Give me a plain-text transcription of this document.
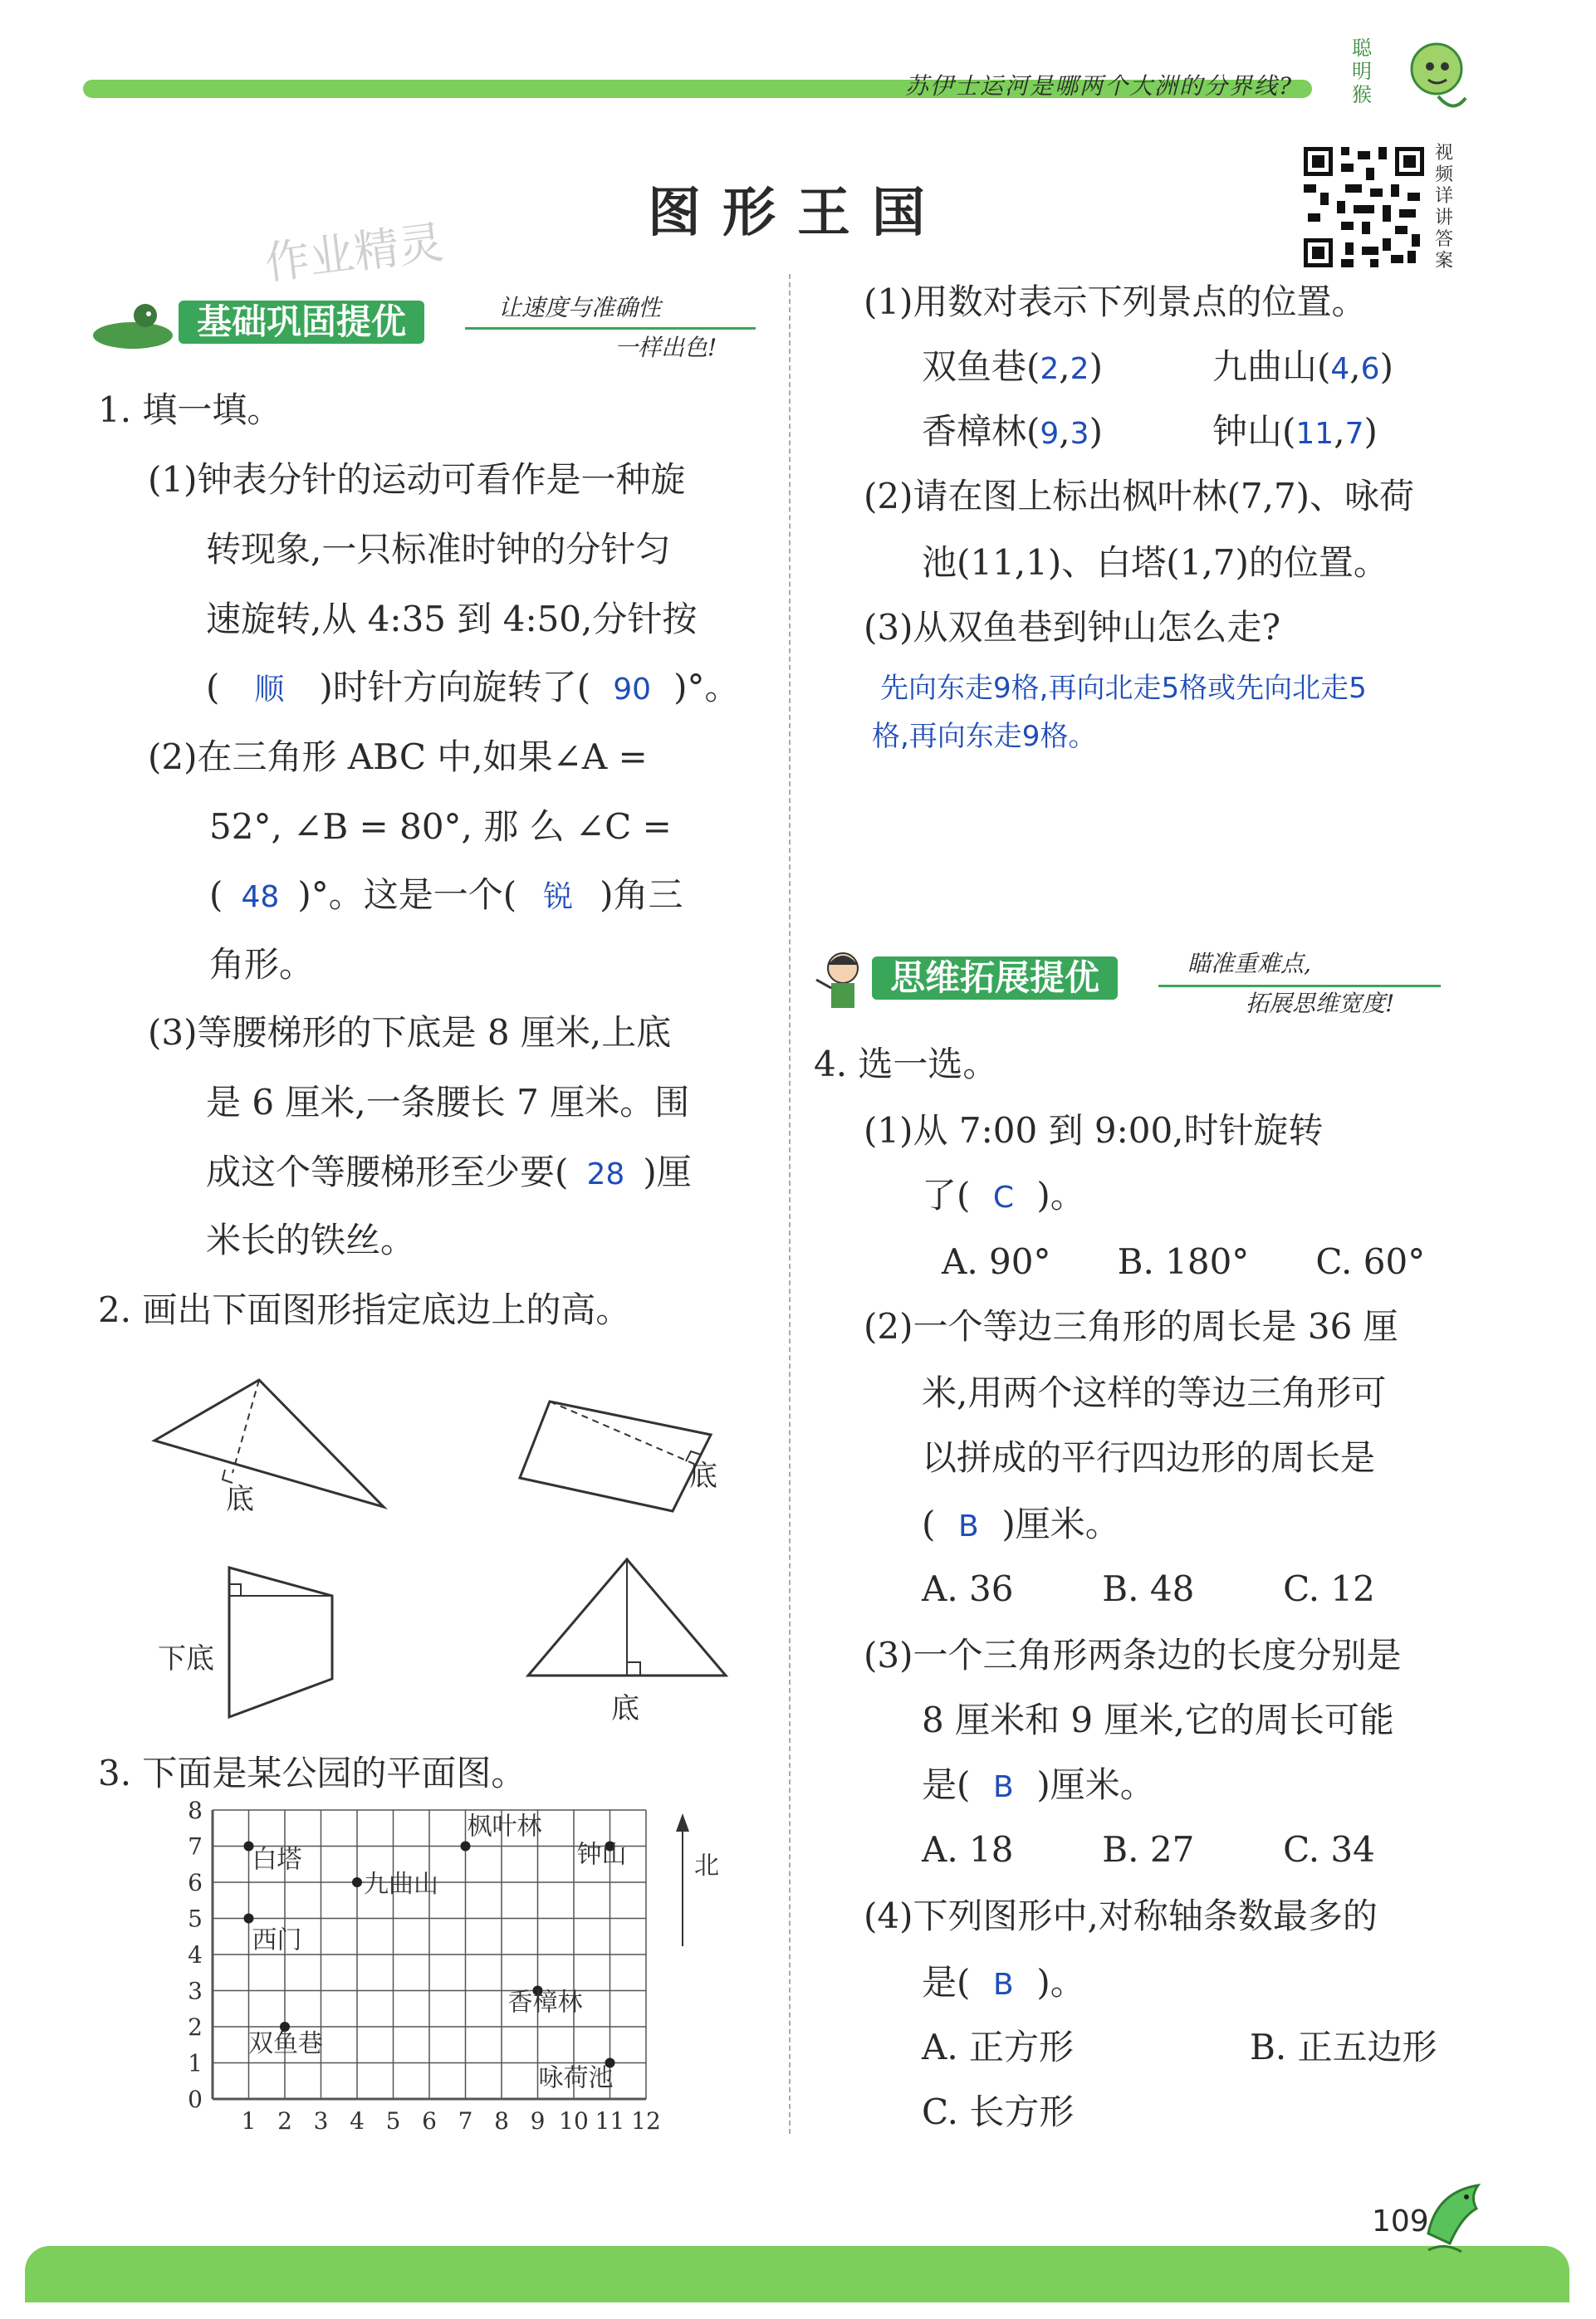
苏伊士运河是哪两个大洲的分界线?
聪明猴
图形王国
作业精灵
视频详讲答案
基础巩固提优	让速度与准确性
一样出色!
1. 填一填。
(1)钟表分针的运动可看作是一种旋
转现象,一只标准时钟的分针匀
速旋转,从 4:35 到 4:50,分针按
( 顺 )时针方向旋转了( 90 )°。
(2)在三角形 ABC 中,如果∠A =
52°, ∠B = 80°, 那 么 ∠C =
( 48 )°。这是一个( 锐 )角三
角形。
(3)等腰梯形的下底是 8 厘米,上底
是 6 厘米,一条腰长 7 厘米。围
成这个等腰梯形至少要( 28 )厘
米长的铁丝。
2. 画出下面图形指定底边上的高。
底
底
下底
底
3. 下面是某公园的平面图。
1 2 3 4 5 6 7 8 9 10 11 12
0
1
2
3
4
5
6
7
8
白塔
九曲山
枫叶林
钟山
西门
香樟林
双鱼巷
咏荷池
北
(1)用数对表示下列景点的位置。
双鱼巷(2,2)	九曲山(4,6)
香樟林(9,3)	钟山(11,7)
(2)请在图上标出枫叶林(7,7)、咏荷
池(11,1)、白塔(1,7)的位置。
(3)从双鱼巷到钟山怎么走?
先向东走9格,再向北走5格或先向北走5
格,再向东走9格。
思维拓展提优	瞄准重难点,
拓展思维宽度!
4. 选一选。
(1)从 7:00 到 9:00,时针旋转
了( C )。
A. 90°      B. 180°      C. 60°
(2)一个等边三角形的周长是 36 厘
米,用两个这样的等边三角形可
以拼成的平行四边形的周长是
( B )厘米。
A. 36        B. 48        C. 12
(3)一个三角形两条边的长度分别是
8 厘米和 9 厘米,它的周长可能
是( B )厘米。
A. 18        B. 27        C. 34
(4)下列图形中,对称轴条数最多的
是( B )。
A. 正方形	B. 正五边形
C. 长方形
109
